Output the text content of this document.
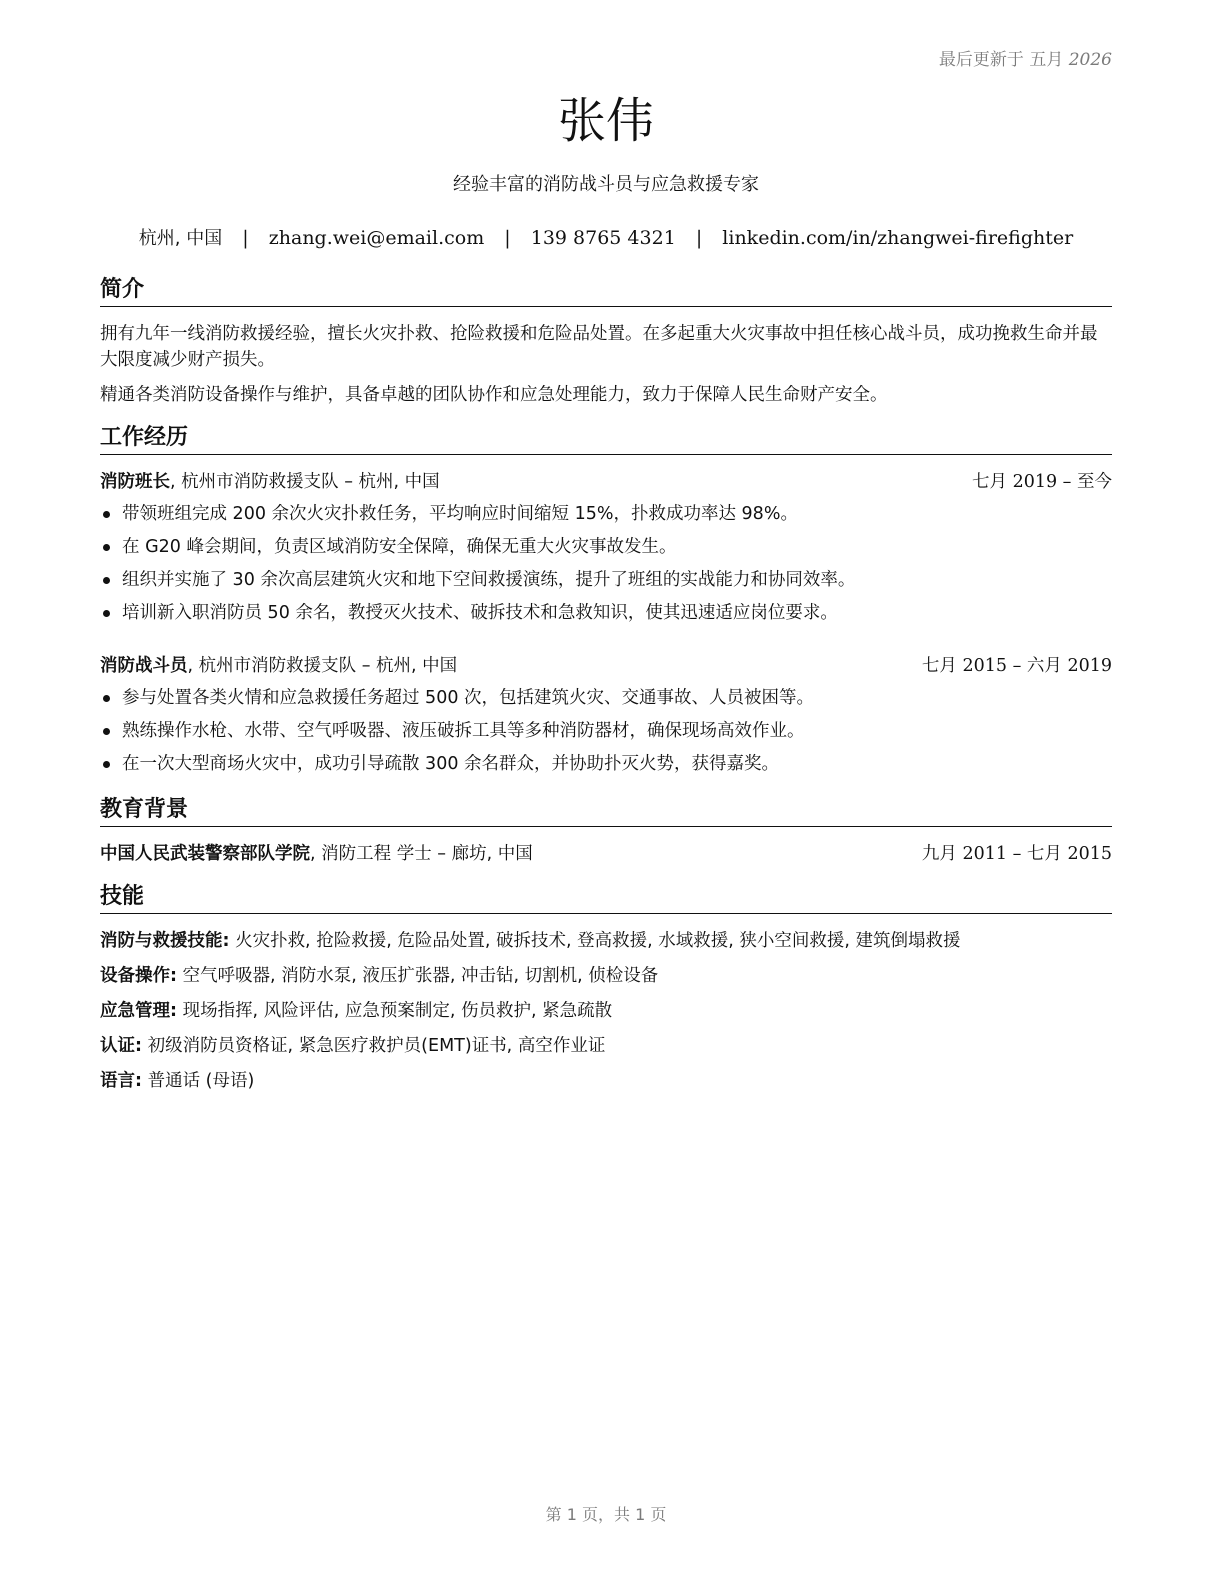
最后更新于 五月 2026
张伟
经验丰富的消防战斗员与应急救援专家
杭州, 中国 | zhang.wei@email.com | 139 8765 4321 | linkedin.com/in/zhangwei-firefighter
简介
拥有九年一线消防救援经验，擅长火灾扑救、抢险救援和危险品处置。在多起重大火灾事故中担任核心战斗员，成功挽救生命并最大限度减少财产损失。
精通各类消防设备操作与维护，具备卓越的团队协作和应急处理能力，致力于保障人民生命财产安全。
工作经历
消防班长, 杭州市消防救援支队 – 杭州, 中国	七月 2019 – 至今
带领班组完成 200 余次火灾扑救任务，平均响应时间缩短 15%，扑救成功率达 98%。
在 G20 峰会期间，负责区域消防安全保障，确保无重大火灾事故发生。
组织并实施了 30 余次高层建筑火灾和地下空间救援演练，提升了班组的实战能力和协同效率。
培训新入职消防员 50 余名，教授灭火技术、破拆技术和急救知识，使其迅速适应岗位要求。
消防战斗员, 杭州市消防救援支队 – 杭州, 中国	七月 2015 – 六月 2019
参与处置各类火情和应急救援任务超过 500 次，包括建筑火灾、交通事故、人员被困等。
熟练操作水枪、水带、空气呼吸器、液压破拆工具等多种消防器材，确保现场高效作业。
在一次大型商场火灾中，成功引导疏散 300 余名群众，并协助扑灭火势，获得嘉奖。
教育背景
中国人民武装警察部队学院, 消防工程 学士 – 廊坊, 中国	九月 2011 – 七月 2015
技能
消防与救援技能: 火灾扑救, 抢险救援, 危险品处置, 破拆技术, 登高救援, 水域救援, 狭小空间救援, 建筑倒塌救援
设备操作: 空气呼吸器, 消防水泵, 液压扩张器, 冲击钻, 切割机, 侦检设备
应急管理: 现场指挥, 风险评估, 应急预案制定, 伤员救护, 紧急疏散
认证: 初级消防员资格证, 紧急医疗救护员(EMT)证书, 高空作业证
语言: 普通话 (母语)
第 1 页，共 1 页
